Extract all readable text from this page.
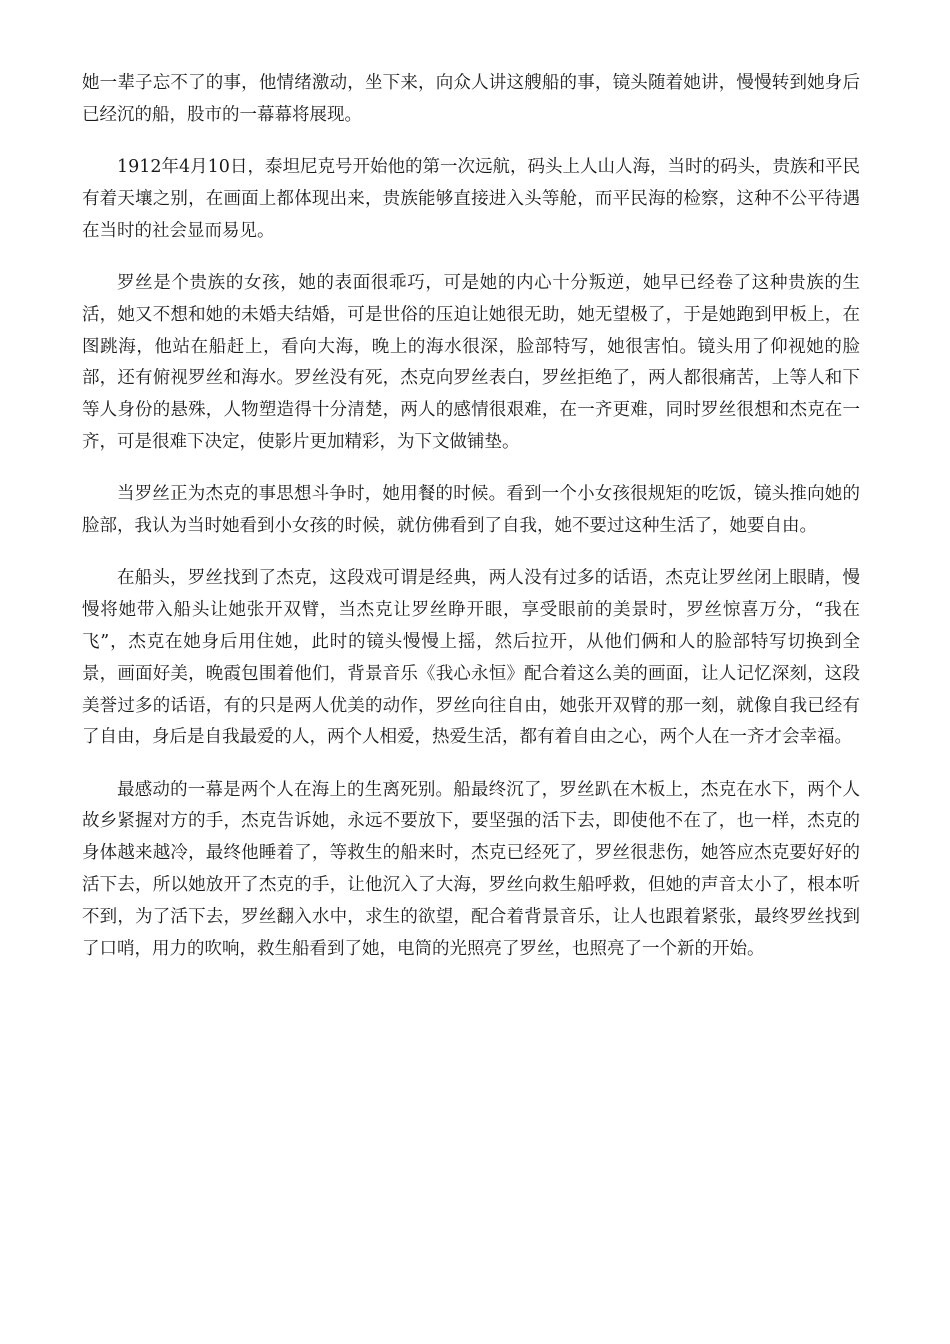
她一辈子忘不了的事，他情绪激动，坐下来，向众人讲这艘船的事，镜头随着她讲，慢慢转到她身后已经沉的船，股市的一幕幕将展现。

1912年4月10日，泰坦尼克号开始他的第一次远航，码头上人山人海，当时的码头，贵族和平民有着天壤之别，在画面上都体现出来，贵族能够直接进入头等舱，而平民海的检察，这种不公平待遇在当时的社会显而易见。

罗丝是个贵族的女孩，她的表面很乖巧，可是她的内心十分叛逆，她早已经卷了这种贵族的生活，她又不想和她的未婚夫结婚，可是世俗的压迫让她很无助，她无望极了，于是她跑到甲板上，在图跳海，他站在船赶上，看向大海，晚上的海水很深，脸部特写，她很害怕。镜头用了仰视她的脸部，还有俯视罗丝和海水。罗丝没有死，杰克向罗丝表白，罗丝拒绝了，两人都很痛苦，上等人和下等人身份的悬殊，人物塑造得十分清楚，两人的感情很艰难，在一齐更难，同时罗丝很想和杰克在一齐，可是很难下决定，使影片更加精彩，为下文做铺垫。

当罗丝正为杰克的事思想斗争时，她用餐的时候。看到一个小女孩很规矩的吃饭，镜头推向她的脸部，我认为当时她看到小女孩的时候，就仿佛看到了自我，她不要过这种生活了，她要自由。

在船头，罗丝找到了杰克，这段戏可谓是经典，两人没有过多的话语，杰克让罗丝闭上眼睛，慢慢将她带入船头让她张开双臂，当杰克让罗丝睁开眼，享受眼前的美景时，罗丝惊喜万分，“我在飞”，杰克在她身后用住她，此时的镜头慢慢上摇，然后拉开，从他们俩和人的脸部特写切换到全景，画面好美，晚霞包围着他们，背景音乐《我心永恒》配合着这么美的画面，让人记忆深刻，这段美誉过多的话语，有的只是两人优美的动作，罗丝向往自由，她张开双臂的那一刻，就像自我已经有了自由，身后是自我最爱的人，两个人相爱，热爱生活，都有着自由之心，两个人在一齐才会幸福。

最感动的一幕是两个人在海上的生离死别。船最终沉了，罗丝趴在木板上，杰克在水下，两个人故乡紧握对方的手，杰克告诉她，永远不要放下，要坚强的活下去，即使他不在了，也一样，杰克的身体越来越冷，最终他睡着了，等救生的船来时，杰克已经死了，罗丝很悲伤，她答应杰克要好好的活下去，所以她放开了杰克的手，让他沉入了大海，罗丝向救生船呼救，但她的声音太小了，根本听不到，为了活下去，罗丝翻入水中，求生的欲望，配合着背景音乐，让人也跟着紧张，最终罗丝找到了口哨，用力的吹响，救生船看到了她，电筒的光照亮了罗丝，也照亮了一个新的开始。
